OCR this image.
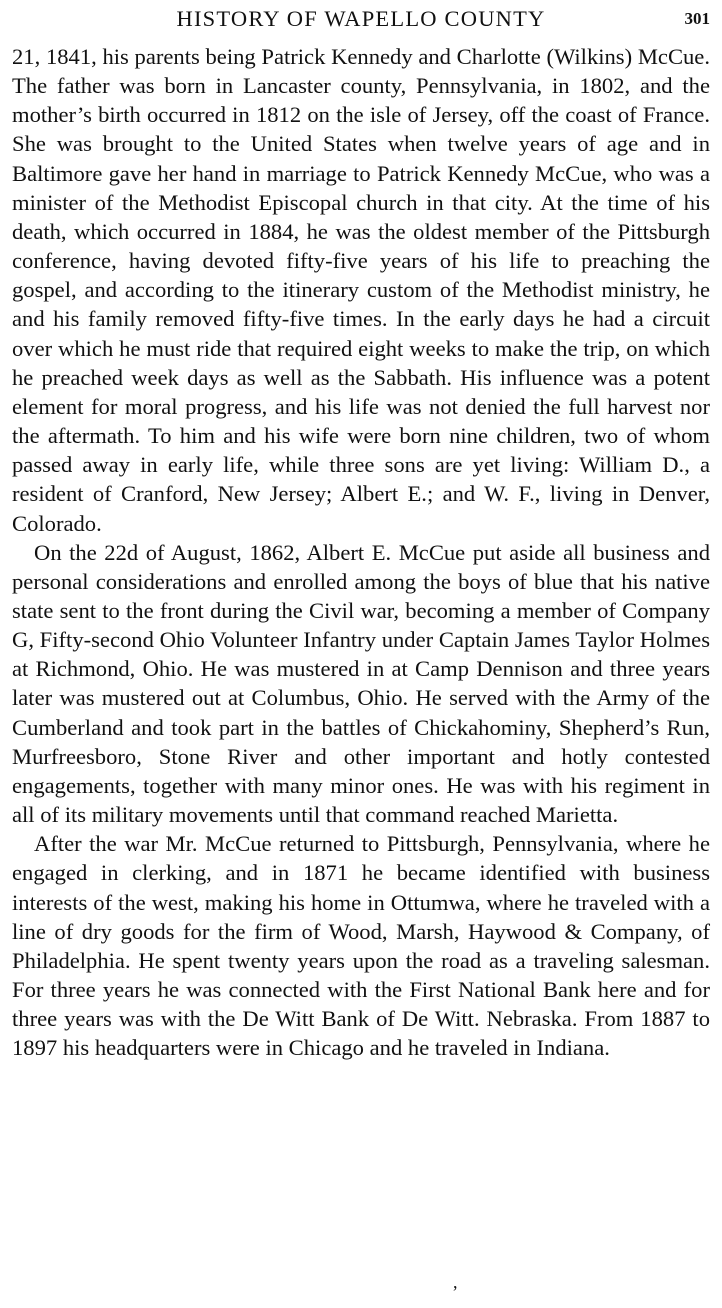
HISTORY OF WAPELLO COUNTY	301

21, 1841, his parents being Patrick Kennedy and Charlotte (Wilkins) McCue. The father was born in Lancaster county, Pennsylvania, in 1802, and the mother’s birth occurred in 1812 on the isle of Jersey, off the coast of France. She was brought to the United States when twelve years of age and in Baltimore gave her hand in marriage to Patrick Kennedy McCue, who was a minister of the Methodist Episcopal church in that city. At the time of his death, which occurred in 1884, he was the oldest member of the Pittsburgh conference, having devoted fifty-five years of his life to preaching the gospel, and according to the itinerary custom of the Methodist ministry, he and his family removed fifty-five times. In the early days he had a circuit over which he must ride that required eight weeks to make the trip, on which he preached week days as well as the Sabbath. His influence was a potent element for moral progress, and his life was not denied the full harvest nor the aftermath. To him and his wife were born nine children, two of whom passed away in early life, while three sons are yet living: William D., a resident of Cranford, New Jersey; Albert E.; and W. F., living in Denver, Colorado.

On the 22d of August, 1862, Albert E. McCue put aside all business and personal considerations and enrolled among the boys of blue that his native state sent to the front during the Civil war, becoming a member of Company G, Fifty-second Ohio Volunteer Infantry under Captain James Taylor Holmes at Richmond, Ohio. He was mustered in at Camp Dennison and three years later was mustered out at Columbus, Ohio. He served with the Army of the Cumberland and took part in the battles of Chickahominy, Shepherd’s Run, Murfreesboro, Stone River and other important and hotly contested engagements, together with many minor ones. He was with his regiment in all of its military movements until that command reached Marietta.

After the war Mr. McCue returned to Pittsburgh, Pennsylvania, where he engaged in clerking, and in 1871 he became identified with business interests of the west, making his home in Ottumwa, where he traveled with a line of dry goods for the firm of Wood, Marsh, Haywood & Company, of Philadelphia. He spent twenty years upon the road as a traveling salesman. For three years he was connected with the First National Bank here and for three years was with the De Witt Bank of De Witt. Nebraska. From 1887 to 1897 his headquarters were in Chicago and he traveled in Indiana.

,
